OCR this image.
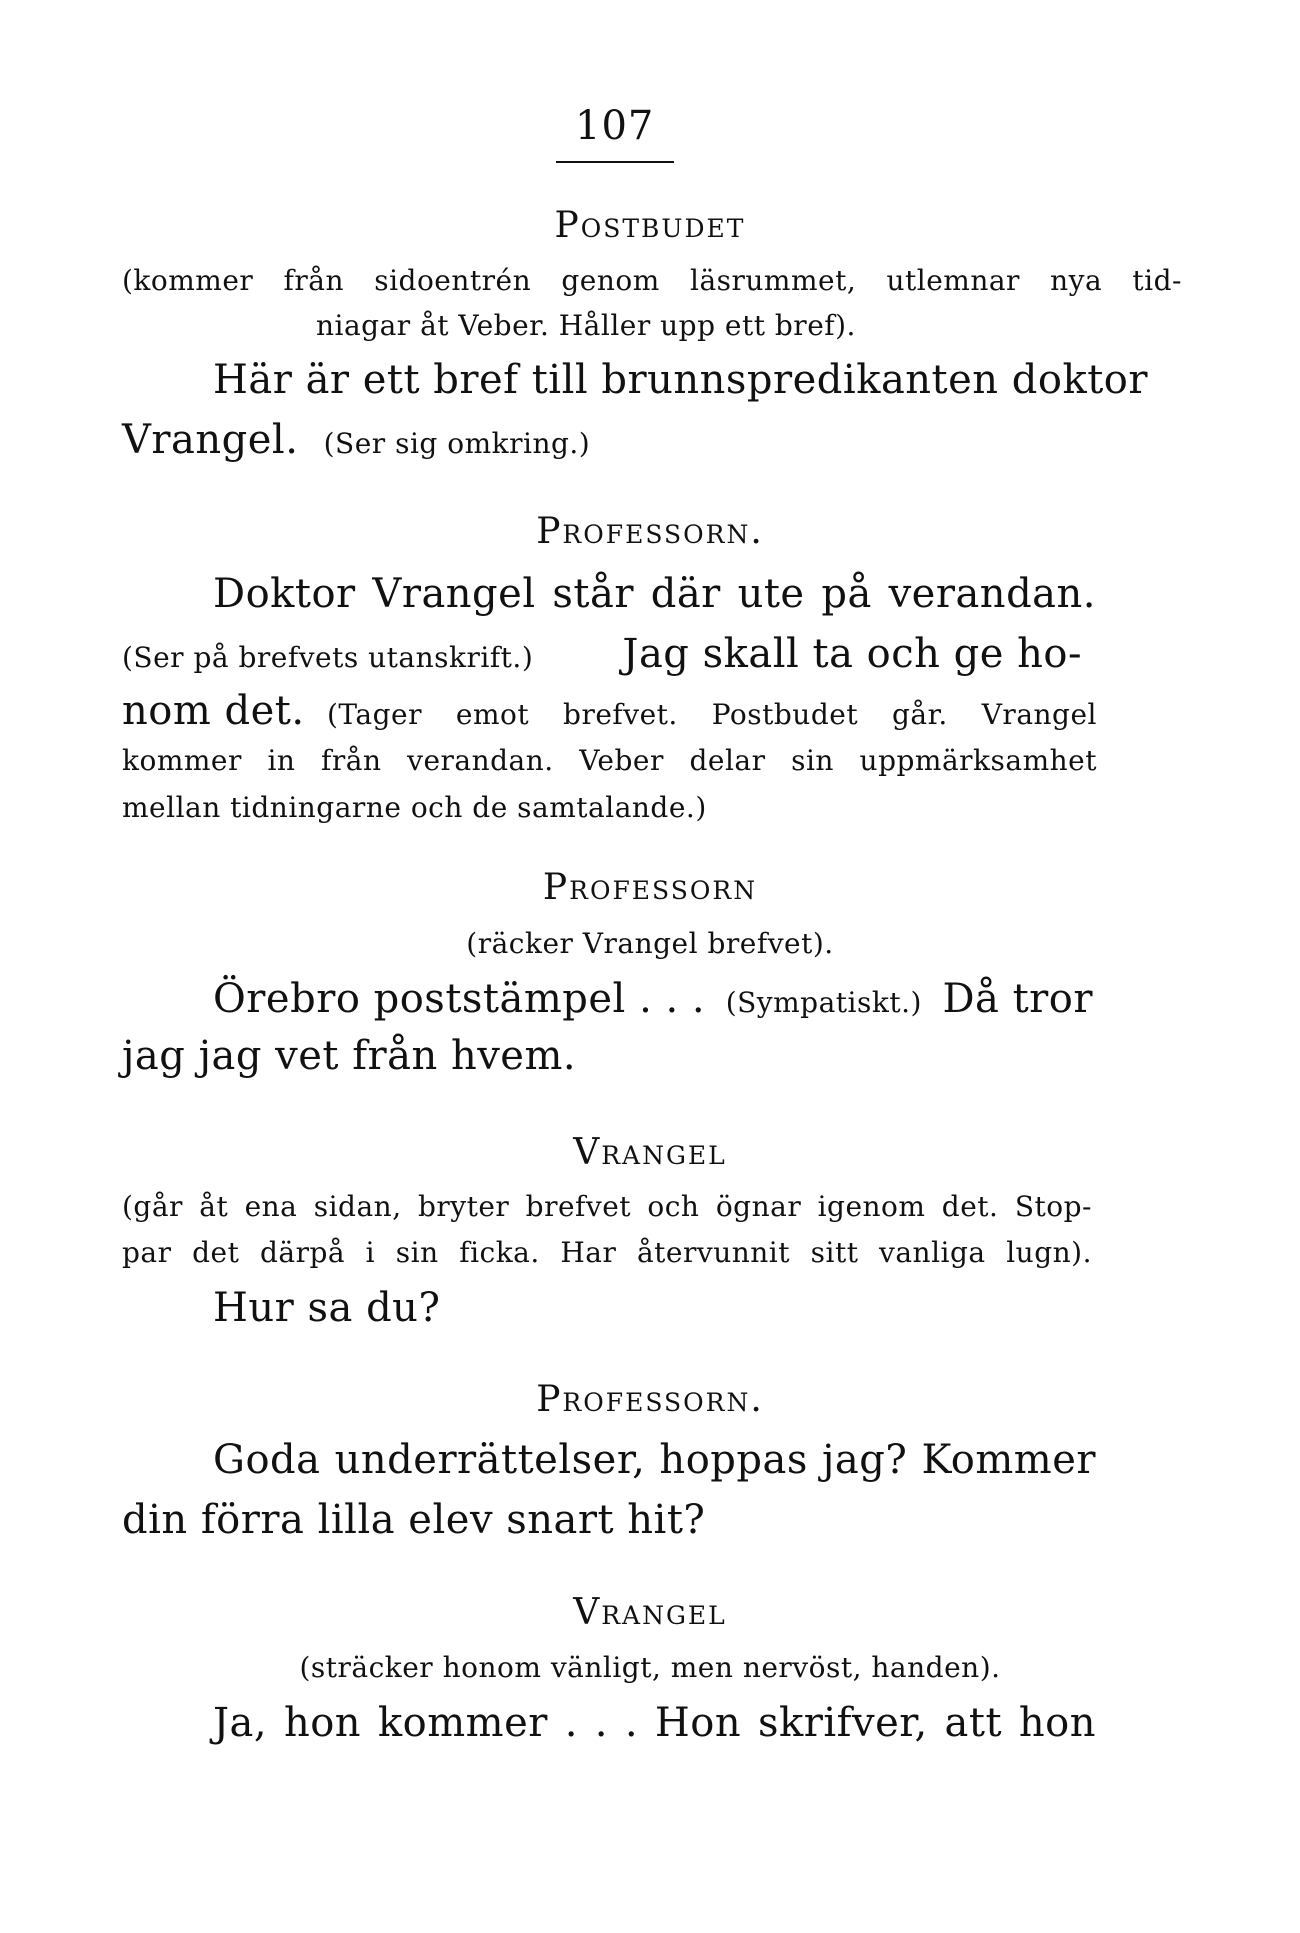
107
Postbudet
(kommer från sidoentrén genom läsrummet, utlemnar nya tid-
niagar åt Veber. Håller upp ett bref).
Här är ett bref till brunnspredikanten doktor
Vrangel. (Ser sig omkring.)
Professorn.
Doktor Vrangel står där ute på verandan.
(Ser på brefvets utanskrift.) Jag skall ta och ge ho-
nom det. (Tager emot brefvet. Postbudet går. Vrangel
kommer in från verandan. Veber delar sin uppmärksamhet
mellan tidningarne och de samtalande.)
Professorn
(räcker Vrangel brefvet).
Örebro poststämpel . . . (Sympatiskt.) Då tror
jag jag vet från hvem.
Vrangel
(går åt ena sidan, bryter brefvet och ögnar igenom det. Stop-
par det därpå i sin ficka. Har återvunnit sitt vanliga lugn).
Hur sa du?
Professorn.
Goda underrättelser, hoppas jag? Kommer
din förra lilla elev snart hit?
Vrangel
(sträcker honom vänligt, men nervöst, handen).
Ja, hon kommer . . . Hon skrifver, att hon
